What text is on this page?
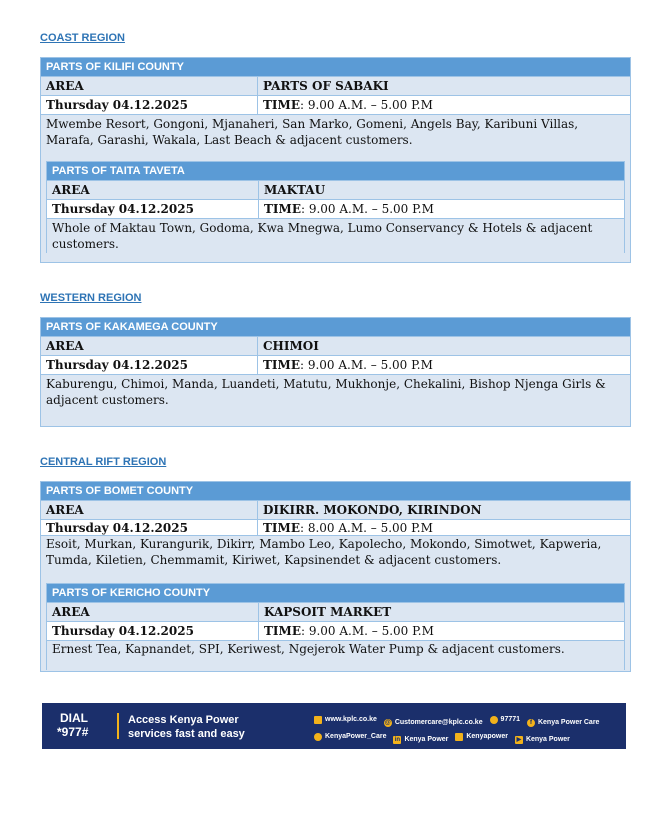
COAST REGION
PARTS OF KILIFI COUNTY
AREA	PARTS OF SABAKI
Thursday 04.12.2025	TIME: 9.00 A.M. – 5.00 P.M
Mwembe Resort, Gongoni, Mjanaheri, San Marko, Gomeni, Angels Bay, Karibuni Villas, Marafa, Garashi, Wakala, Last Beach & adjacent customers.
PARTS OF TAITA TAVETA
AREA	MAKTAU
Thursday 04.12.2025	TIME: 9.00 A.M. – 5.00 P.M
Whole of Maktau Town, Godoma, Kwa Mnegwa, Lumo Conservancy & Hotels & adjacent customers.
WESTERN REGION
PARTS OF KAKAMEGA COUNTY
AREA	CHIMOI
Thursday 04.12.2025	TIME: 9.00 A.M. – 5.00 P.M
Kaburengu, Chimoi, Manda, Luandeti, Matutu, Mukhonje, Chekalini, Bishop Njenga Girls & adjacent customers.
CENTRAL RIFT REGION
PARTS OF BOMET COUNTY
AREA	DIKIRR. MOKONDO, KIRINDON
Thursday 04.12.2025	TIME: 8.00 A.M. – 5.00 P.M
Esoit, Murkan, Kurangurik, Dikirr, Mambo Leo, Kapolecho, Mokondo, Simotwet, Kapweria, Tumda, Kiletien, Chemmamit, Kiriwet, Kapsinendet & adjacent customers.
PARTS OF KERICHO COUNTY
AREA	KAPSOIT MARKET
Thursday 04.12.2025	TIME: 9.00 A.M. – 5.00 P.M
Ernest Tea, Kapnandet, SPI, Keriwest, Ngejerok Water Pump & adjacent customers.
DIAL
*977#
Access Kenya Power
services fast and easy
www.kplc.co.ke
@ Customercare@kplc.co.ke
	97771
	f Kenya Power Care
KenyaPower_Care
in Kenya Power
	Kenyapower
▶ Kenya Power
